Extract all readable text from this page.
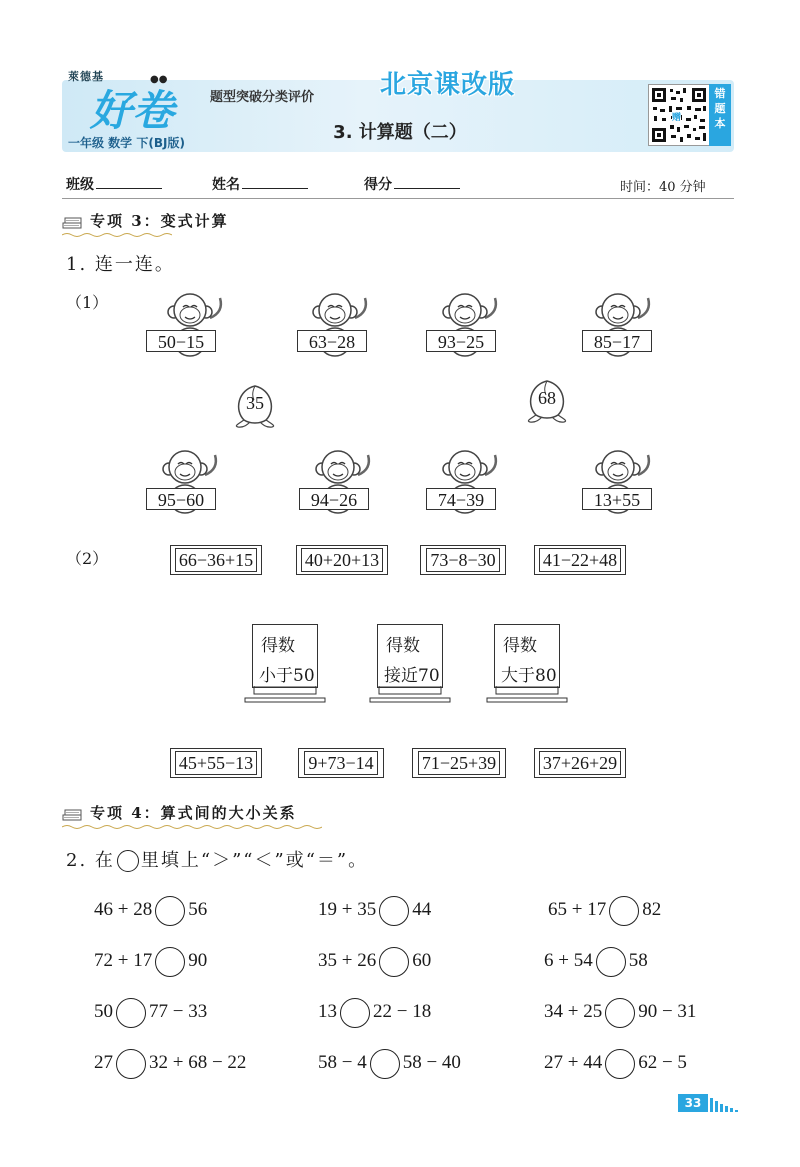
萊德基
好卷
●●
一年级 数学 下(BJ版)
题型突破分类评价	北京课改版
3. 计算题（二）
赠
错
题
本
班级	姓名	得分	时间：40 分钟
专项 3：变式计算
1. 连一连。
（1）
50−15	63−28	93−25	85−17
35	68
95−60	94−26	74−39	13+55
（2）	66−36+15	40+20+13	73−8−30	41−22+48
得数
小于50
得数
接近70
得数
大于80
45+55−13	9+73−14	71−25+39	37+26+29
专项 4：算式间的大小关系
2. 在 里填上“＞”“＜”或“＝”。
46 + 28 56	19 + 35 44	65 + 17 82
72 + 17 90	35 + 26 60	6 + 54 58
50 77 − 33	13 22 − 18	34 + 25 90 − 31
27 32 + 68 − 22	58 − 4 58 − 40	27 + 44 62 − 5
33
